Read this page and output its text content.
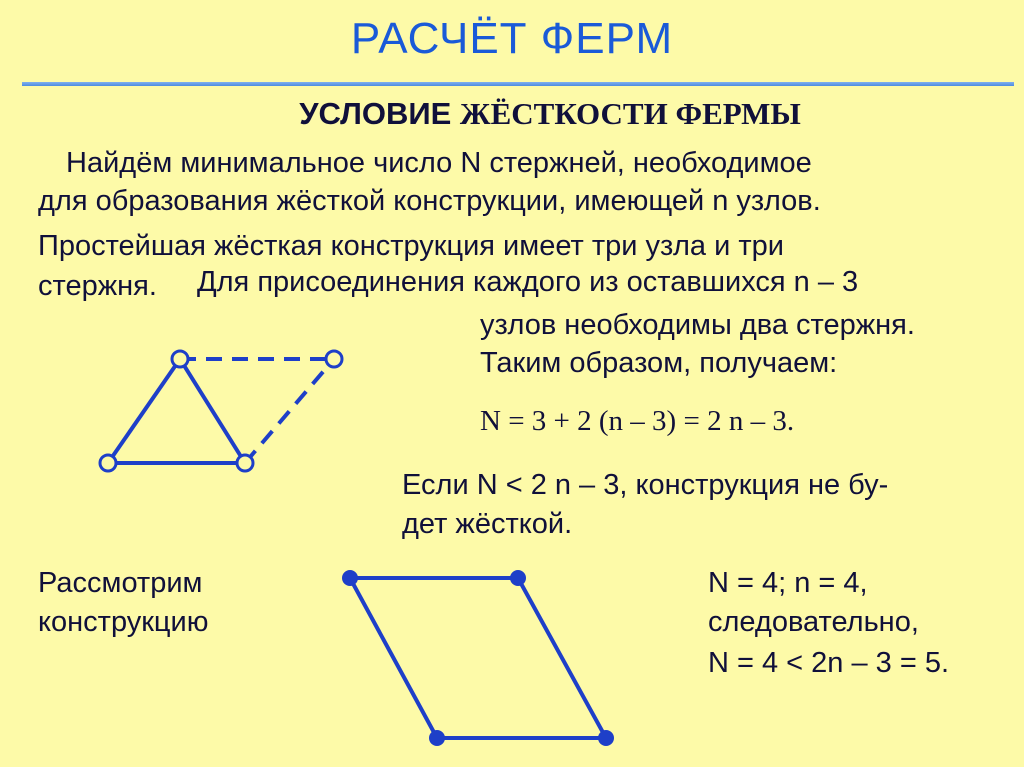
РАСЧЁТ ФЕРМ
УСЛОВИЕ ЖЁСТКОСТИ ФЕРМЫ
Найдём минимальное число N стержней, необходимое
для образования жёсткой конструкции, имеющей n узлов.
Простейшая жёсткая конструкция имеет три узла и три
стержня. Для присоединения каждого из оставшихся n – 3
узлов необходимы два стержня.
Таким образом, получаем:
N = 3 + 2 (n – 3) = 2 n – 3.
Если N < 2 n – 3, конструкция не бу-
дет жёсткой.
Рассмотрим
конструкцию
N = 4; n = 4,
следовательно,
N = 4 < 2n – 3 = 5.
